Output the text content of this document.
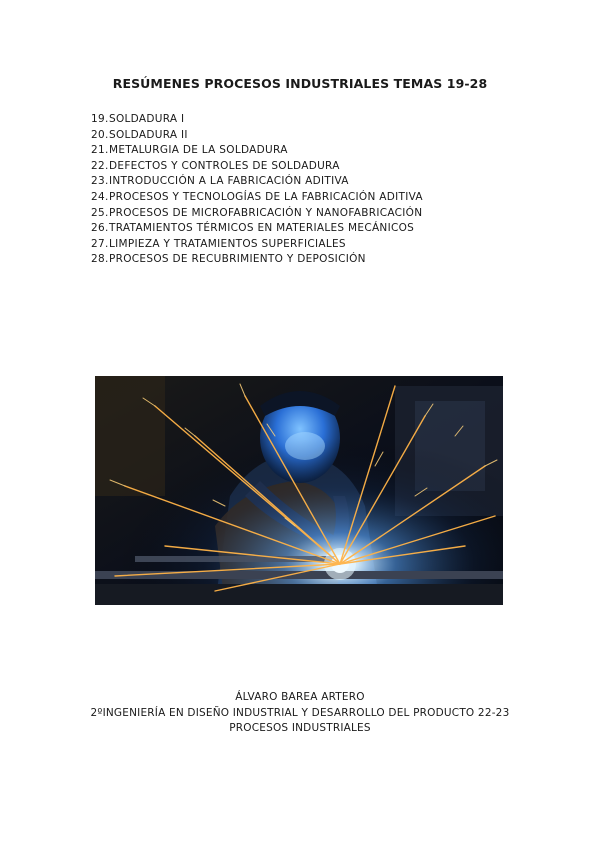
RESÚMENES PROCESOS INDUSTRIALES TEMAS 19-28
19. SOLDADURA I
20. SOLDADURA II
21. METALURGIA DE LA SOLDADURA
22. DEFECTOS Y CONTROLES DE SOLDADURA
23. INTRODUCCIÓN A LA FABRICACIÓN ADITIVA
24. PROCESOS Y TECNOLOGÍAS DE LA FABRICACIÓN ADITIVA
25. PROCESOS DE MICROFABRICACIÓN Y NANOFABRICACIÓN
26. TRATAMIENTOS TÉRMICOS EN MATERIALES MECÁNICOS
27. LIMPIEZA Y TRATAMIENTOS SUPERFICIALES
28. PROCESOS DE RECUBRIMIENTO Y DEPOSICIÓN
ÁLVARO BAREA ARTERO
2ºINGENIERÍA EN DISEÑO INDUSTRIAL Y DESARROLLO DEL PRODUCTO 22-23
PROCESOS INDUSTRIALES
